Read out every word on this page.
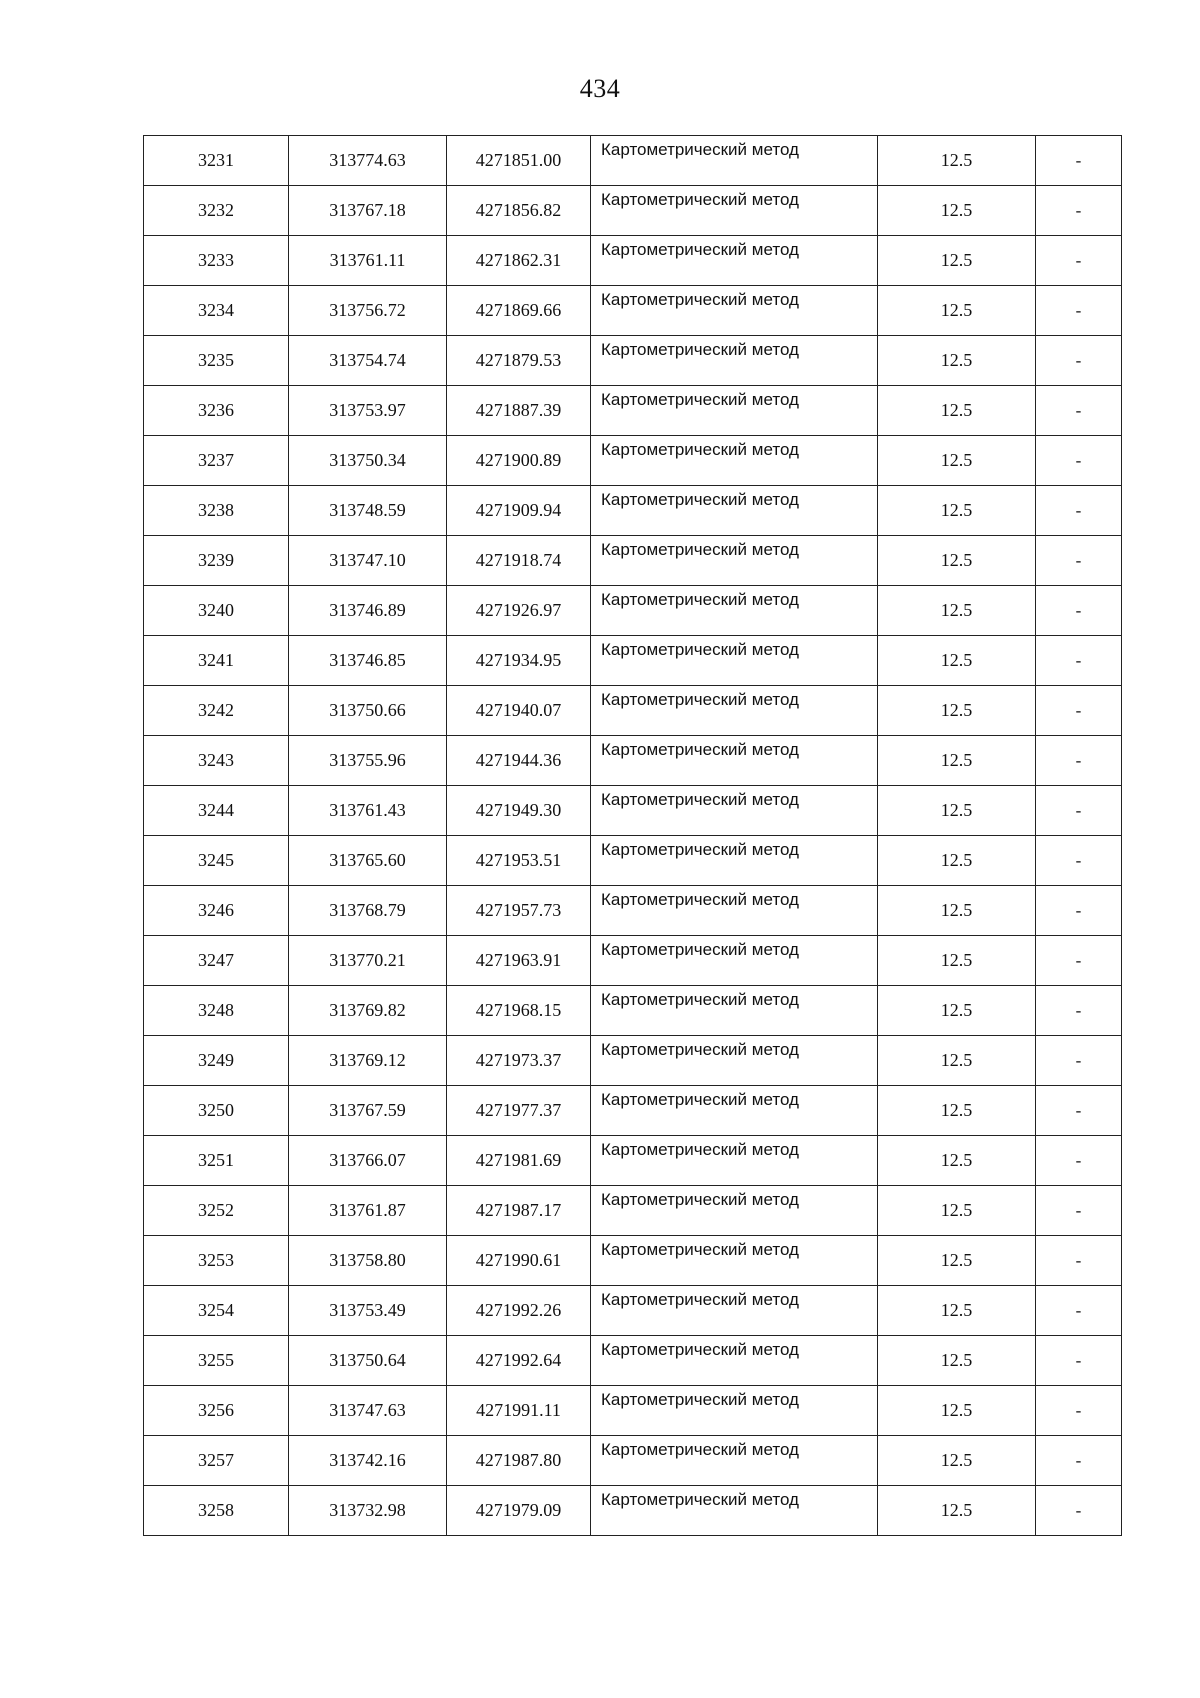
434
3231	313774.63	4271851.00	Картометрический метод	12.5	-
3232	313767.18	4271856.82	Картометрический метод	12.5	-
3233	313761.11	4271862.31	Картометрический метод	12.5	-
3234	313756.72	4271869.66	Картометрический метод	12.5	-
3235	313754.74	4271879.53	Картометрический метод	12.5	-
3236	313753.97	4271887.39	Картометрический метод	12.5	-
3237	313750.34	4271900.89	Картометрический метод	12.5	-
3238	313748.59	4271909.94	Картометрический метод	12.5	-
3239	313747.10	4271918.74	Картометрический метод	12.5	-
3240	313746.89	4271926.97	Картометрический метод	12.5	-
3241	313746.85	4271934.95	Картометрический метод	12.5	-
3242	313750.66	4271940.07	Картометрический метод	12.5	-
3243	313755.96	4271944.36	Картометрический метод	12.5	-
3244	313761.43	4271949.30	Картометрический метод	12.5	-
3245	313765.60	4271953.51	Картометрический метод	12.5	-
3246	313768.79	4271957.73	Картометрический метод	12.5	-
3247	313770.21	4271963.91	Картометрический метод	12.5	-
3248	313769.82	4271968.15	Картометрический метод	12.5	-
3249	313769.12	4271973.37	Картометрический метод	12.5	-
3250	313767.59	4271977.37	Картометрический метод	12.5	-
3251	313766.07	4271981.69	Картометрический метод	12.5	-
3252	313761.87	4271987.17	Картометрический метод	12.5	-
3253	313758.80	4271990.61	Картометрический метод	12.5	-
3254	313753.49	4271992.26	Картометрический метод	12.5	-
3255	313750.64	4271992.64	Картометрический метод	12.5	-
3256	313747.63	4271991.11	Картометрический метод	12.5	-
3257	313742.16	4271987.80	Картометрический метод	12.5	-
3258	313732.98	4271979.09	Картометрический метод	12.5	-
